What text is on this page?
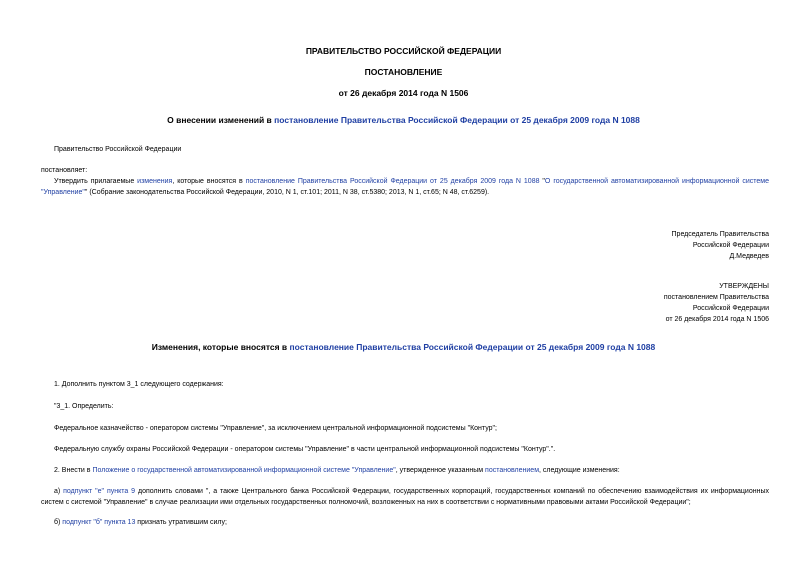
ПРАВИТЕЛЬСТВО РОССИЙСКОЙ ФЕДЕРАЦИИ
ПОСТАНОВЛЕНИЕ
от 26 декабря 2014 года N 1506
О внесении изменений в постановление Правительства Российской Федерации от 25 декабря 2009 года N 1088
Правительство Российской Федерации
постановляет:
Утвердить прилагаемые изменения, которые вносятся в постановление Правительства Российской Федерации от 25 декабря 2009 года N 1088 "О государственной автоматизированной информационной системе "Управление"" (Собрание законодательства Российской Федерации, 2010, N 1, ст.101; 2011, N 38, ст.5380; 2013, N 1, ст.65; N 48, ст.6259).
Председатель Правительства
Российской Федерации
Д.Медведев
УТВЕРЖДЕНЫ
постановлением Правительства
Российской Федерации
от 26 декабря 2014 года N 1506
Изменения, которые вносятся в постановление Правительства Российской Федерации от 25 декабря 2009 года N 1088
1. Дополнить пунктом 3_1 следующего содержания:
"3_1. Определить:
Федеральное казначейство - оператором системы "Управление", за исключением центральной информационной подсистемы "Контур";
Федеральную службу охраны Российской Федерации - оператором системы "Управление" в части центральной информационной подсистемы "Контур".".
2. Внести в Положение о государственной автоматизированной информационной системе "Управление", утвержденное указанным постановлением, следующие изменения:
а) подпункт "е" пункта 9 дополнить словами ", а также Центрального банка Российской Федерации, государственных корпораций, государственных компаний по обеспечению взаимодействия их информационных систем с системой "Управление" в случае реализации ими отдельных государственных полномочий, возложенных на них в соответствии с нормативными правовыми актами Российской Федерации";
б) подпункт "б" пункта 13 признать утратившим силу;
